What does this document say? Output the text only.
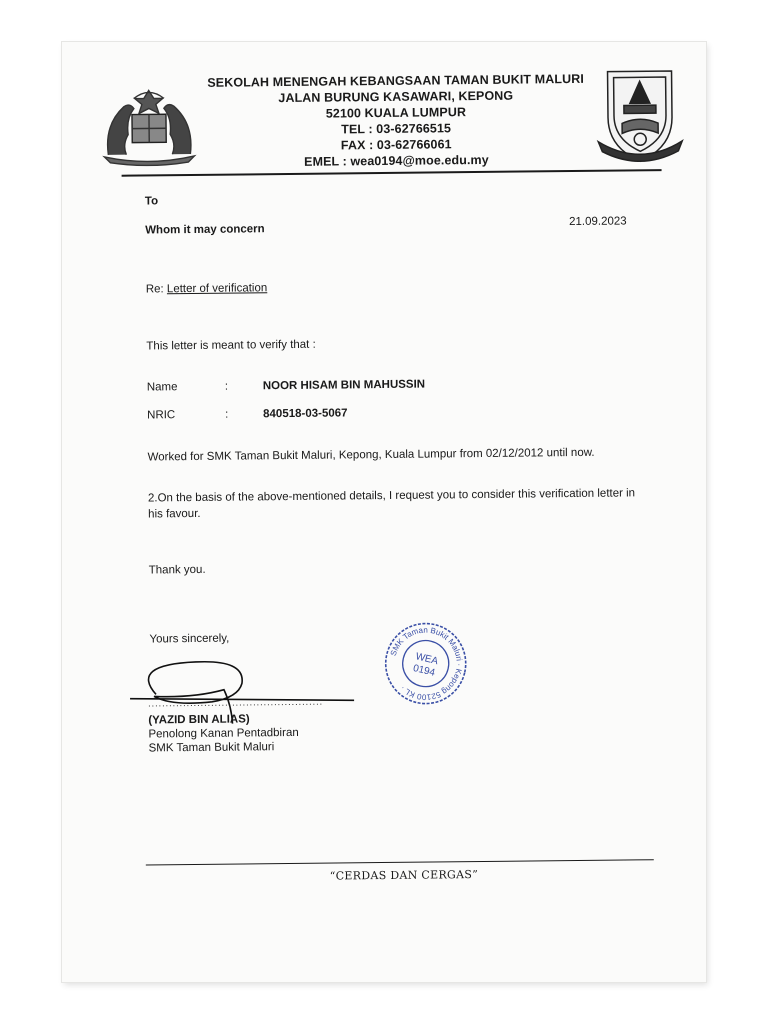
SEKOLAH MENENGAH KEBANGSAAN TAMAN BUKIT MALURI
JALAN BURUNG KASAWARI, KEPONG
52100 KUALA LUMPUR
TEL : 03-62766515
FAX : 03-62766061
EMEL : wea0194@moe.edu.my
To
Whom it may concern
21.09.2023
Re: Letter of verification
This letter is meant to verify that :
Name	:	NOOR HISAM BIN MAHUSSIN
NRIC	:	840518-03-5067
Worked for SMK Taman Bukit Maluri, Kepong, Kuala Lumpur from 02/12/2012 until now.
2.On the basis of the above-mentioned details, I request you to consider this verification letter in
his favour.
Thank you.
Yours sincerely,
..................................................
(YAZID BIN ALIAS)
Penolong Kanan Pentadbiran
SMK Taman Bukit Maluri
SMK Taman Bukit Maluri · Kepong 52100 KL ·
WEA
0194
“CERDAS DAN CERGAS”
